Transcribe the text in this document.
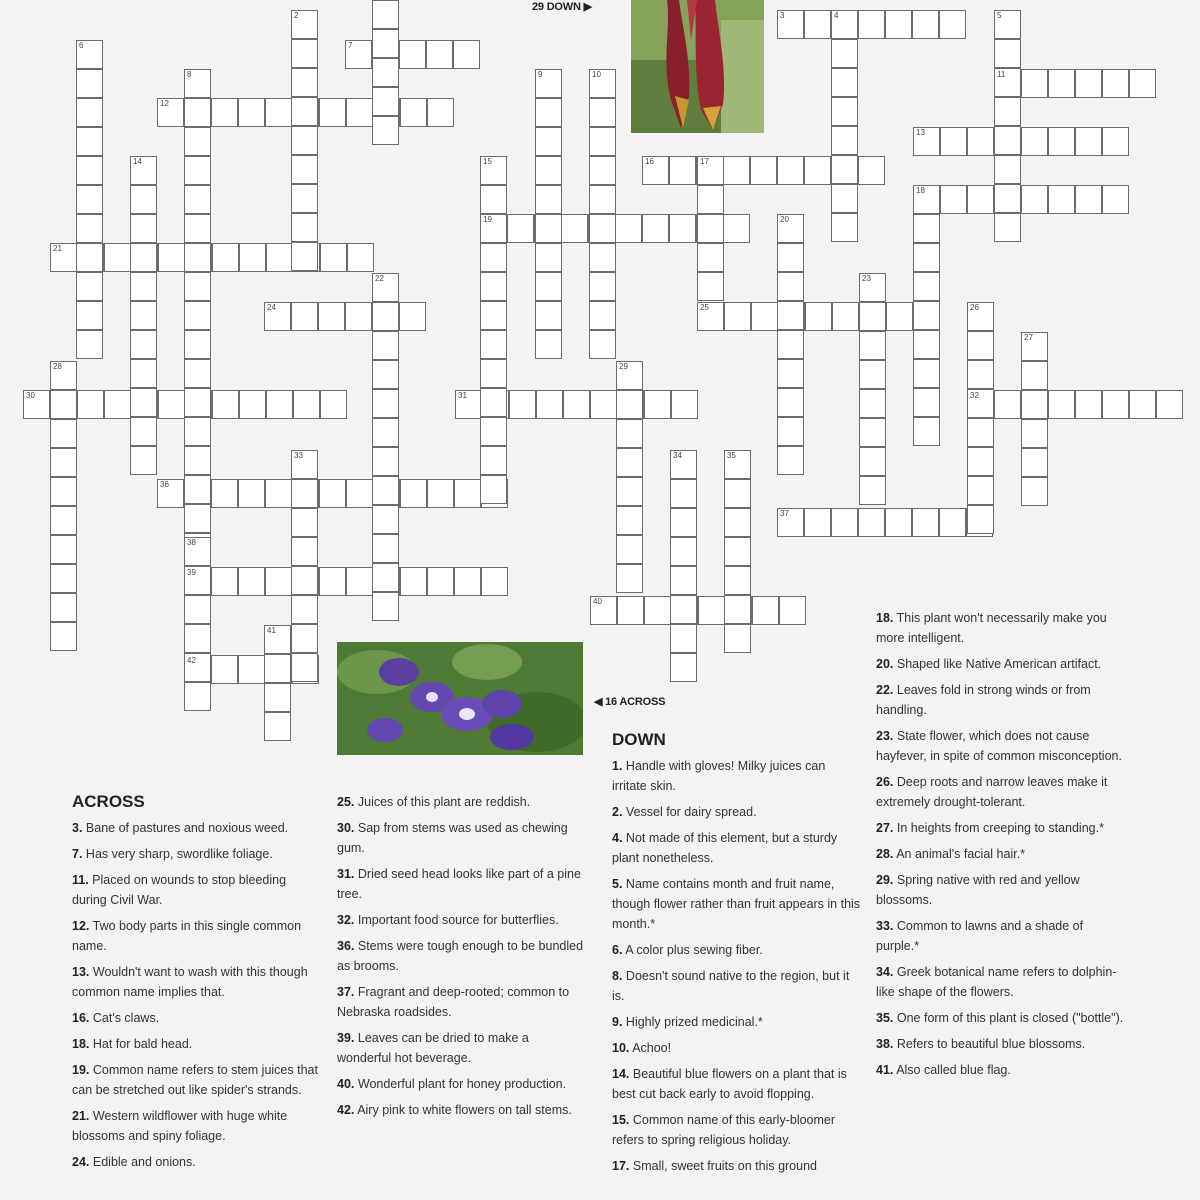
2	3	4	5
6	7
8	9	10	11
12
13
14	15	16	17
18
19	20
21
22	23
24	25	26
27
28	29
30	31	32
33	34	35
36
37
38
39
40
41
42
29 DOWN ▶
◀ 16 ACROSS
ACROSS
3. Bane of pastures and noxious weed.
7. Has very sharp, swordlike foliage.
11. Placed on wounds to stop bleeding during Civil War.
12. Two body parts in this single common name.
13. Wouldn't want to wash with this though common name implies that.
16. Cat's claws.
18. Hat for bald head.
19. Common name refers to stem juices that can be stretched out like spider's strands.
21. Western wildflower with huge white blossoms and spiny foliage.
24. Edible and onions.
25. Juices of this plant are reddish.
30. Sap from stems was used as chewing gum.
31. Dried seed head looks like part of a pine tree.
32. Important food source for butterflies.
36. Stems were tough enough to be bundled as brooms.
37. Fragrant and deep-rooted; common to Nebraska roadsides.
39. Leaves can be dried to make a wonderful hot beverage.
40. Wonderful plant for honey production.
42. Airy pink to white flowers on tall stems.
DOWN
1. Handle with gloves! Milky juices can irritate skin.
2. Vessel for dairy spread.
4. Not made of this element, but a sturdy plant nonetheless.
5. Name contains month and fruit name, though flower rather than fruit appears in this month.*
6. A color plus sewing fiber.
8. Doesn't sound native to the region, but it is.
9. Highly prized medicinal.*
10. Achoo!
14. Beautiful blue flowers on a plant that is best cut back early to avoid flopping.
15. Common name of this early-bloomer refers to spring religious holiday.
17. Small, sweet fruits on this ground
18. This plant won't necessarily make you more intelligent.
20. Shaped like Native American artifact.
22. Leaves fold in strong winds or from handling.
23. State flower, which does not cause hayfever, in spite of common misconception.
26. Deep roots and narrow leaves make it extremely drought-tolerant.
27. In heights from creeping to standing.*
28. An animal's facial hair.*
29. Spring native with red and yellow blossoms.
33. Common to lawns and a shade of purple.*
34. Greek botanical name refers to dolphin-like shape of the flowers.
35. One form of this plant is closed ("bottle").
38. Refers to beautiful blue blossoms.
41. Also called blue flag.
